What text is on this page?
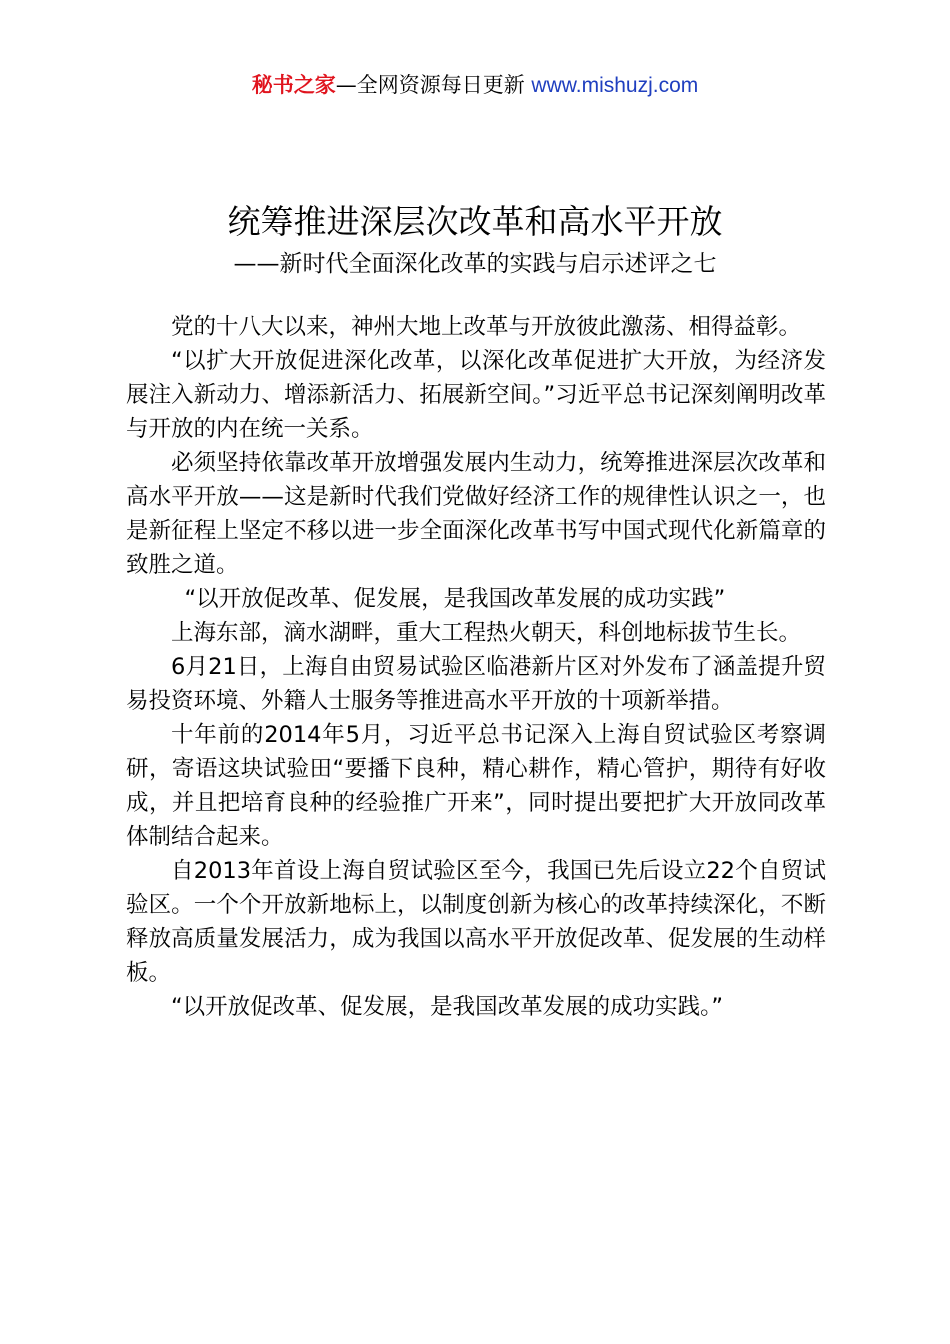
秘书之家—全网资源每日更新 www.mishuzj.com
统筹推进深层次改革和高水平开放
——新时代全面深化改革的实践与启示述评之七

党的十八大以来，神州大地上改革与开放彼此激荡、相得益彰。

“以扩大开放促进深化改革，以深化改革促进扩大开放，为经济发展注入新动力、增添新活力、拓展新空间。”习近平总书记深刻阐明改革与开放的内在统一关系。

必须坚持依靠改革开放增强发展内生动力，统筹推进深层次改革和高水平开放——这是新时代我们党做好经济工作的规律性认识之一，也是新征程上坚定不移以进一步全面深化改革书写中国式现代化新篇章的致胜之道。

“以开放促改革、促发展，是我国改革发展的成功实践”

上海东部，滴水湖畔，重大工程热火朝天，科创地标拔节生长。

6月21日，上海自由贸易试验区临港新片区对外发布了涵盖提升贸易投资环境、外籍人士服务等推进高水平开放的十项新举措。

十年前的2014年5月，习近平总书记深入上海自贸试验区考察调研，寄语这块试验田“要播下良种，精心耕作，精心管护，期待有好收成，并且把培育良种的经验推广开来”，同时提出要把扩大开放同改革体制结合起来。

自2013年首设上海自贸试验区至今，我国已先后设立22个自贸试验区。一个个开放新地标上，以制度创新为核心的改革持续深化，不断释放高质量发展活力，成为我国以高水平开放促改革、促发展的生动样板。

“以开放促改革、促发展，是我国改革发展的成功实践。”
